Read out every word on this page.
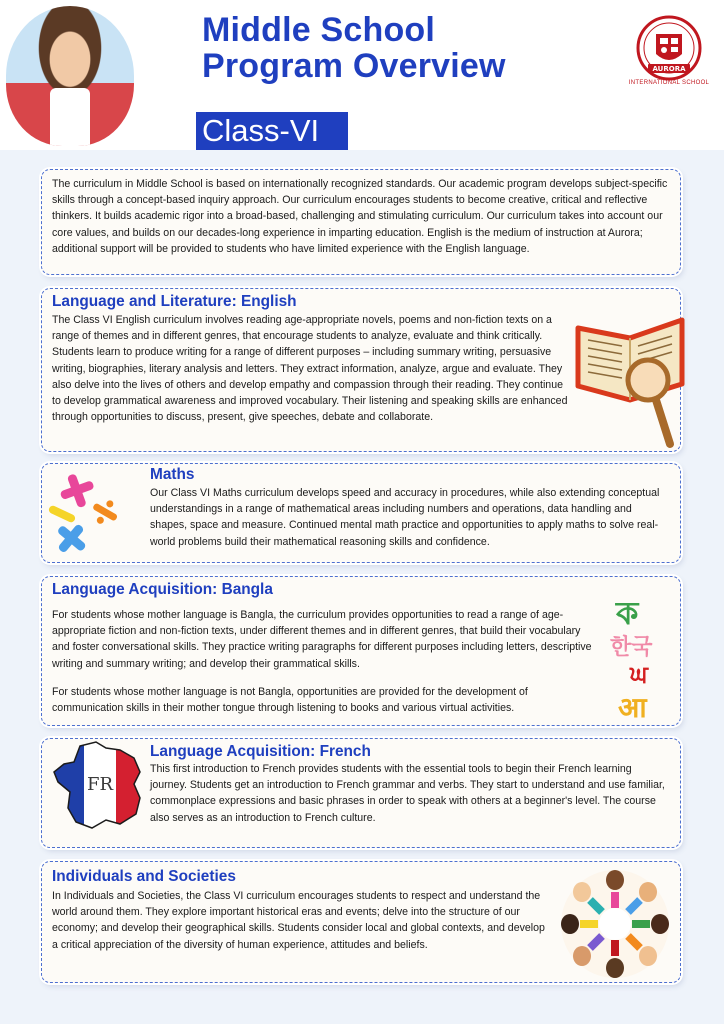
Middle School
Program Overview
Class-VI
AURORA
INTERNATIONAL SCHOOL

The curriculum in Middle School is based on internationally recognized standards. Our academic program develops subject-specific skills through a concept-based inquiry approach. Our curriculum encourages students to become creative, critical and reflective thinkers. It builds academic rigor into a broad-based, challenging and stimulating curriculum. Our curriculum takes into account our core values, and builds on our decades-long experience in imparting education. English is the medium of instruction at Aurora; additional support will be provided to students who have limited experience with the English language.

Language and Literature: English

The Class VI English curriculum involves reading age-appropriate novels, poems and non-fiction texts on a range of themes and in different genres, that encourage students to analyze, evaluate and think critically. Students learn to produce writing for a range of different purposes – including summary writing, persuasive writing, biographies, literary analysis and letters. They extract information, analyze, argue and evaluate. They also delve into the lives of others and develop empathy and compassion through their reading. They continue to develop grammatical awareness and improved vocabulary. Their listening and speaking skills are enhanced through opportunities to discuss, present, give speeches, debate and collaborate.

Maths

Our Class VI Maths curriculum develops speed and accuracy in procedures, while also extending conceptual understandings in a range of mathematical areas including numbers and operations, data handling and shapes, space and measure. Continued mental math practice and opportunities to apply maths to solve real-world problems build their mathematical reasoning skills and confidence.

Language Acquisition: Bangla

For students whose mother language is Bangla, the curriculum provides opportunities to read a range of age-appropriate fiction and non-fiction texts, under different themes and in different genres, that build their vocabulary and foster conversational skills. They practice writing paragraphs for different purposes including letters, descriptive writing and summary writing; and develop their grammatical skills.

For students whose mother language is not Bangla, opportunities are provided for the development of communication skills in their mother tongue through listening to books and various virtual activities.

ক
한국
ਘ
आ
Language Acquisition: French

This first introduction to French provides students with the essential tools to begin their French learning journey. Students get an introduction to French grammar and verbs. They start to understand and use familiar, commonplace expressions and basic phrases in order to speak with others at a beginner's level. The course also serves as an introduction to French culture.

FR
Individuals and Societies

In Individuals and Societies, the Class VI curriculum encourages students to respect and understand the world around them. They explore important historical eras and events; delve into the structure of our economy; and develop their geographical skills. Students consider local and global contexts, and develop a critical appreciation of the diversity of human experience, attitudes and beliefs.
